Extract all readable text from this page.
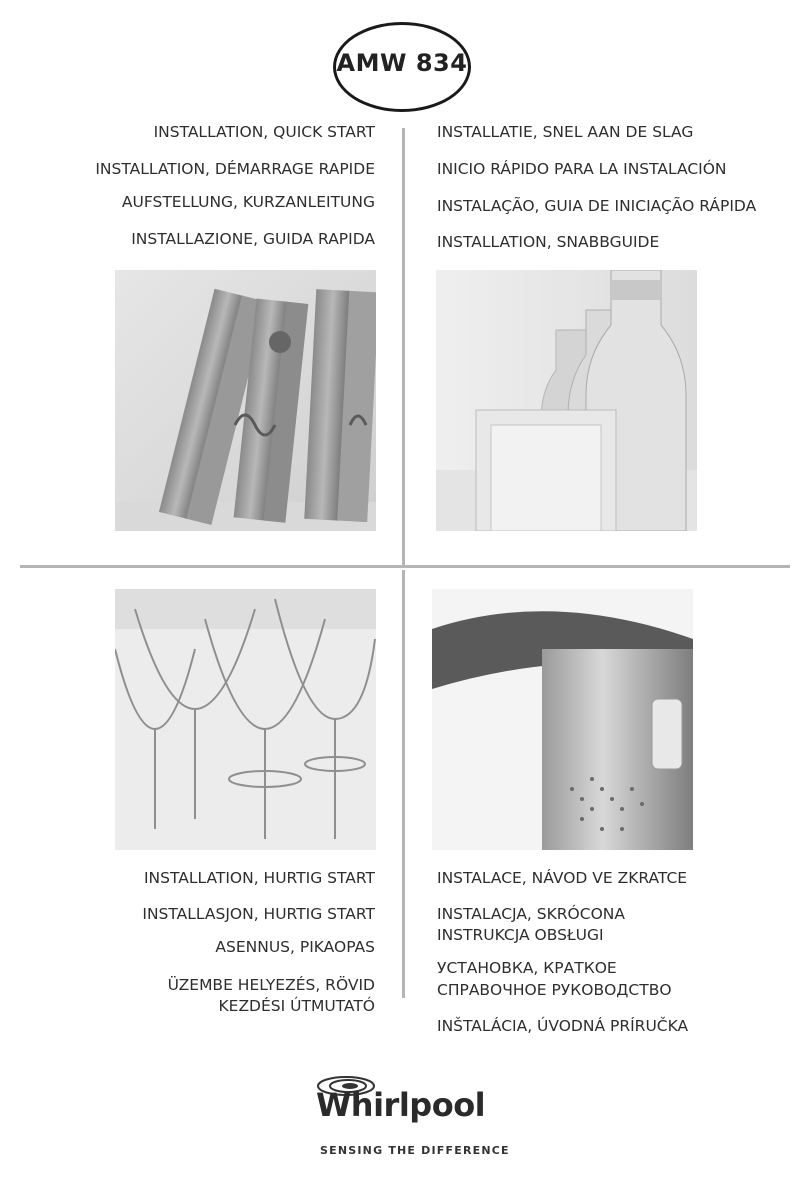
AMW 834
INSTALLATION, QUICK START
INSTALLATION, DÉMARRAGE RAPIDE
AUFSTELLUNG, KURZANLEITUNG
INSTALLAZIONE, GUIDA RAPIDA
INSTALLATIE, SNEL AAN DE SLAG
INICIO RÁPIDO PARA LA INSTALACIÓN
INSTALAÇÃO, GUIA DE INICIAÇÃO RÁPIDA
INSTALLATION, SNABBGUIDE
INSTALLATION, HURTIG START
INSTALLASJON, HURTIG START
ASENNUS, PIKAOPAS
ÜZEMBE HELYEZÉS, RÖVID
KEZDÉSI ÚTMUTATÓ
INSTALACE, NÁVOD VE ZKRATCE
INSTALACJA, SKRÓCONA
INSTRUKCJA OBSŁUGI
УСТАНОВКА, КРАТКОЕ
СПРАВОЧНОЕ РУКОВОДСТВО
INŠTALÁCIA, ÚVODNÁ PRÍRUČKA
Whirlpool
SENSING THE DIFFERENCE
